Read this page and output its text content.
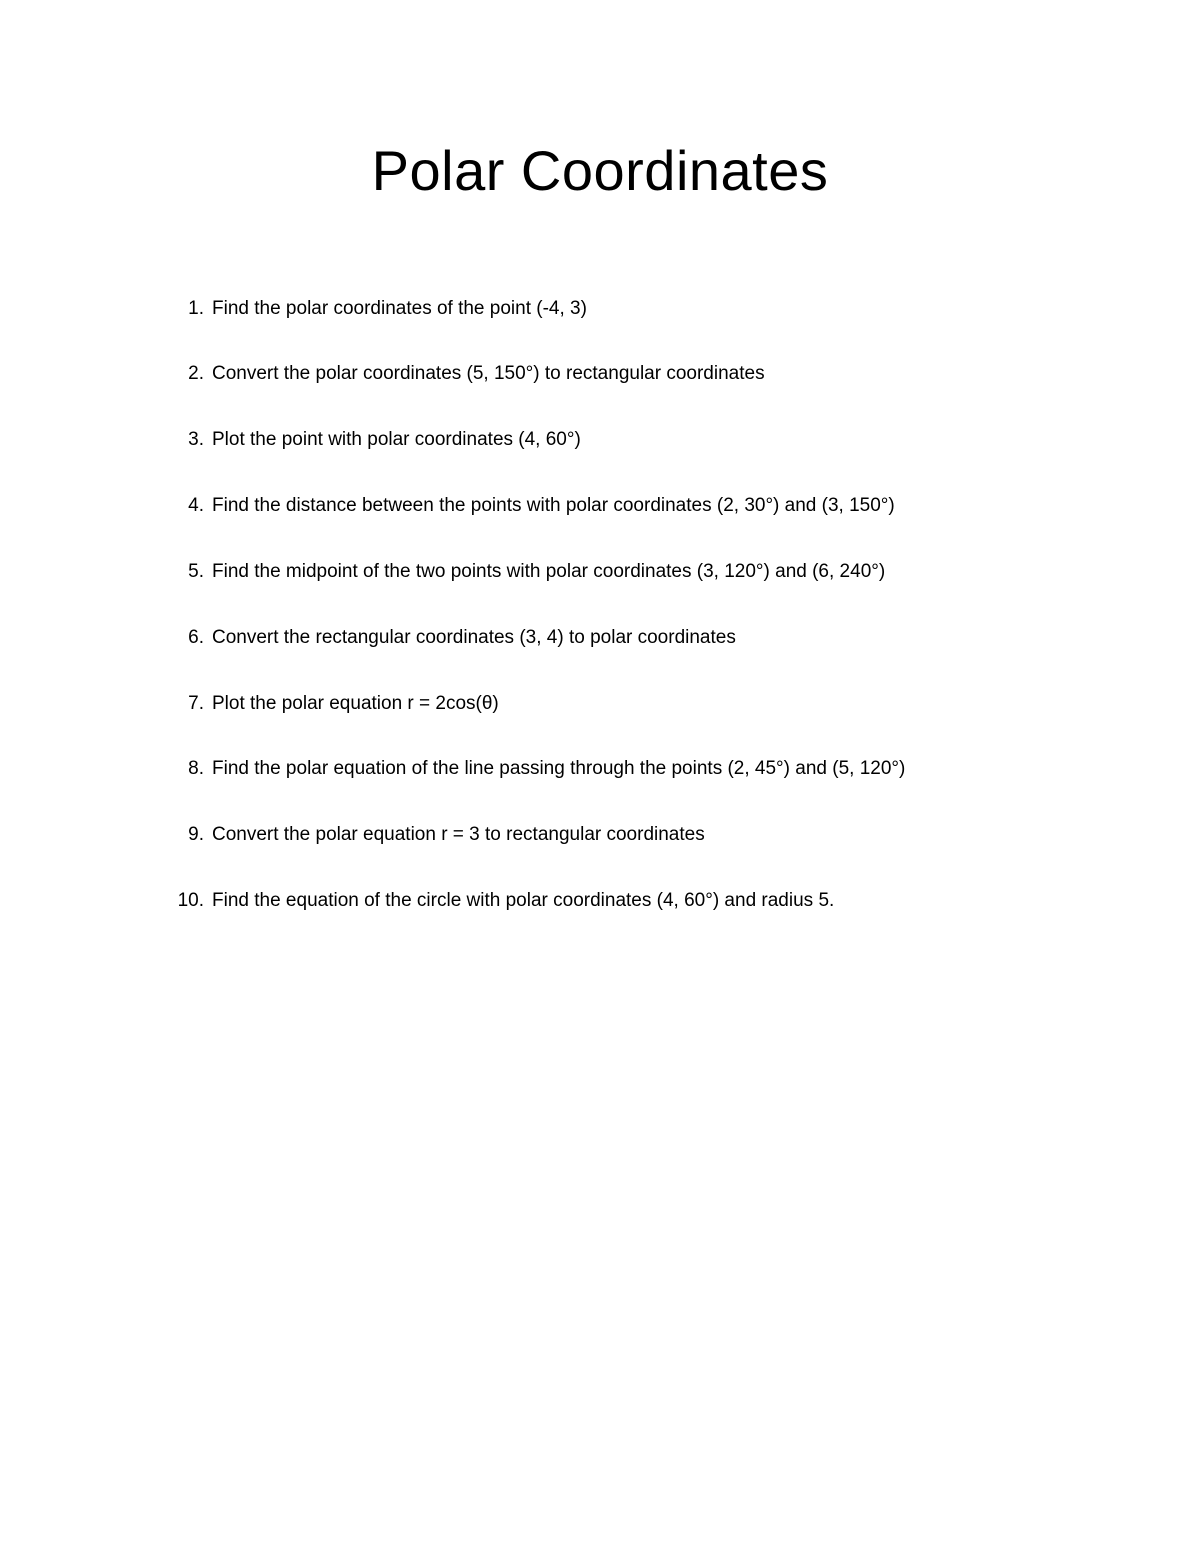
Polar Coordinates
1. Find the polar coordinates of the point (-4, 3)
2. Convert the polar coordinates (5, 150°) to rectangular coordinates
3. Plot the point with polar coordinates (4, 60°)
4. Find the distance between the points with polar coordinates (2, 30°) and (3, 150°)
5. Find the midpoint of the two points with polar coordinates (3, 120°) and (6, 240°)
6. Convert the rectangular coordinates (3, 4) to polar coordinates
7. Plot the polar equation r = 2cos(θ)
8. Find the polar equation of the line passing through the points (2, 45°) and (5, 120°)
9. Convert the polar equation r = 3 to rectangular coordinates
10. Find the equation of the circle with polar coordinates (4, 60°) and radius 5.
